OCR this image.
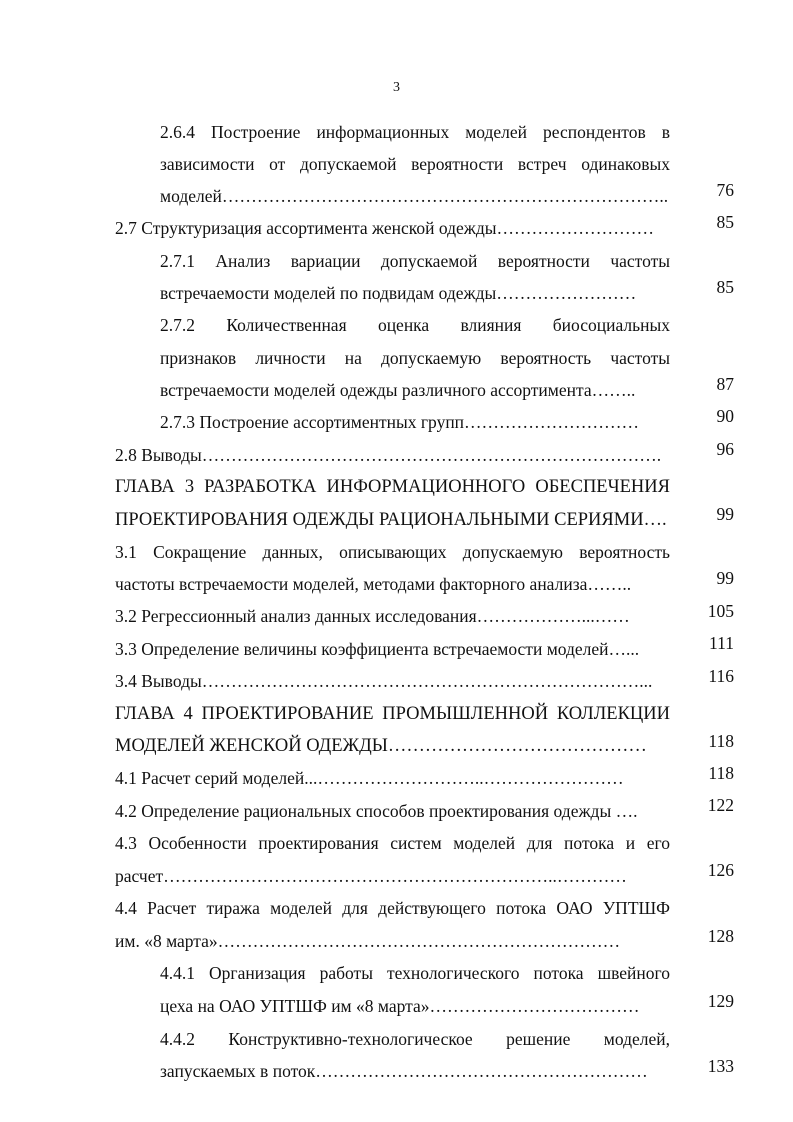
3
2.6.4 Построение информационных моделей респондентов в
зависимости от допускаемой вероятности встреч одинаковых
моделей…………………………………………………………………..
2.7 Структуризация ассортимента женской одежды………………………
2.7.1 Анализ вариации допускаемой вероятности частоты
встречаемости моделей по подвидам одежды……………………
2.7.2 Количественная оценка влияния биосоциальных
признаков личности на допускаемую вероятность частоты
встречаемости моделей одежды различного ассортимента……..
2.7.3 Построение ассортиментных групп…………………………
2.8 Выводы…………………………………………………………………….
ГЛАВА 3 РАЗРАБОТКА ИНФОРМАЦИОННОГО ОБЕСПЕЧЕНИЯ
ПРОЕКТИРОВАНИЯ ОДЕЖДЫ РАЦИОНАЛЬНЫМИ СЕРИЯМИ….
3.1 Сокращение данных, описывающих допускаемую вероятность
частоты встречаемости моделей, методами факторного анализа……..
3.2 Регрессионный анализ данных исследования………………...……
3.3 Определение величины коэффициента встречаемости моделей…...
3.4 Выводы…………………………………………………………………...
ГЛАВА 4 ПРОЕКТИРОВАНИЕ ПРОМЫШЛЕННОЙ КОЛЛЕКЦИИ
МОДЕЛЕЙ ЖЕНСКОЙ ОДЕЖДЫ……………………………………
4.1 Расчет серий моделей...………………………..……………………
4.2 Определение рациональных способов проектирования одежды ….
4.3 Особенности проектирования систем моделей для потока и его
расчет…………………………………………………………..…………
4.4 Расчет тиража моделей для действующего потока ОАО УПТШФ
им. «8 марта»……………………………………………………………
4.4.1 Организация работы технологического потока швейного
цеха на ОАО УПТШФ им «8 марта»………………………………
4.4.2 Конструктивно-технологическое решение моделей,
запускаемых в поток…………………………………………………
76
85
85
87
90
96
99
99
105
111
116
118
118
122
126
128
129
133
